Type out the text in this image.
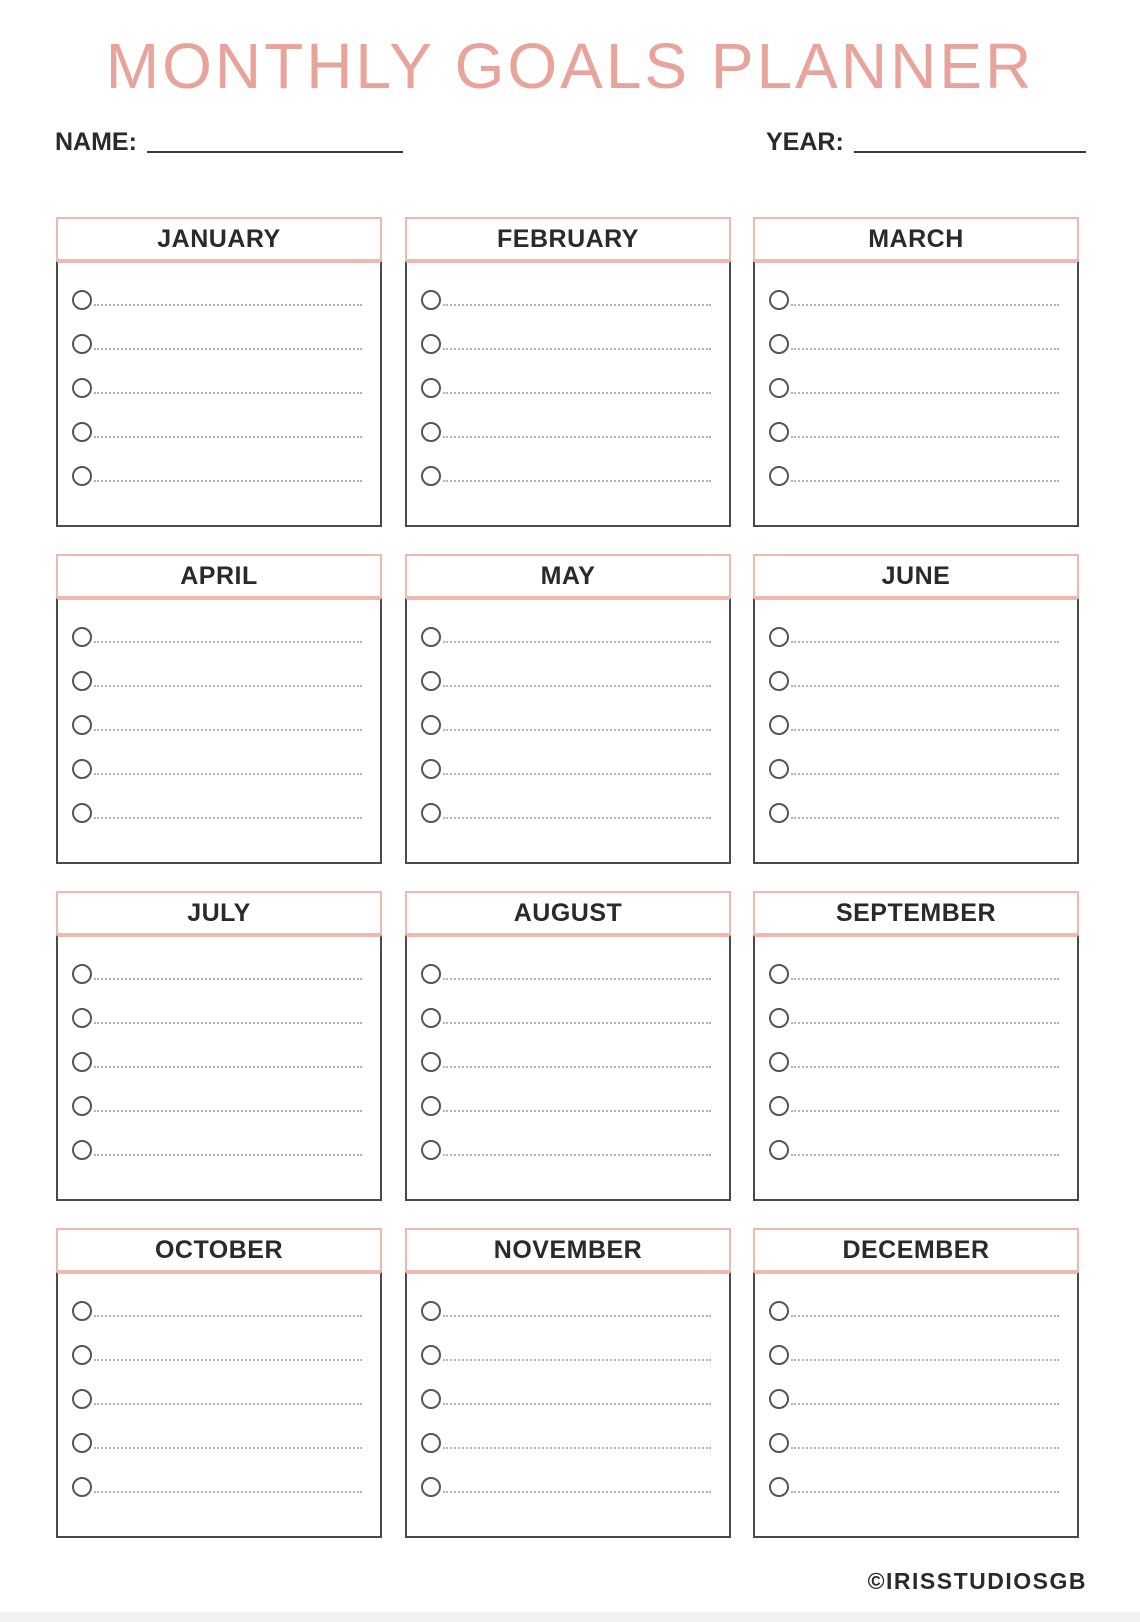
MONTHLY GOALS PLANNER
NAME:	YEAR:
JANUARY	FEBRUARY	MARCH
APRIL	MAY	JUNE
JULY	AUGUST	SEPTEMBER
OCTOBER	NOVEMBER	DECEMBER
©IRISSTUDIOSGB
